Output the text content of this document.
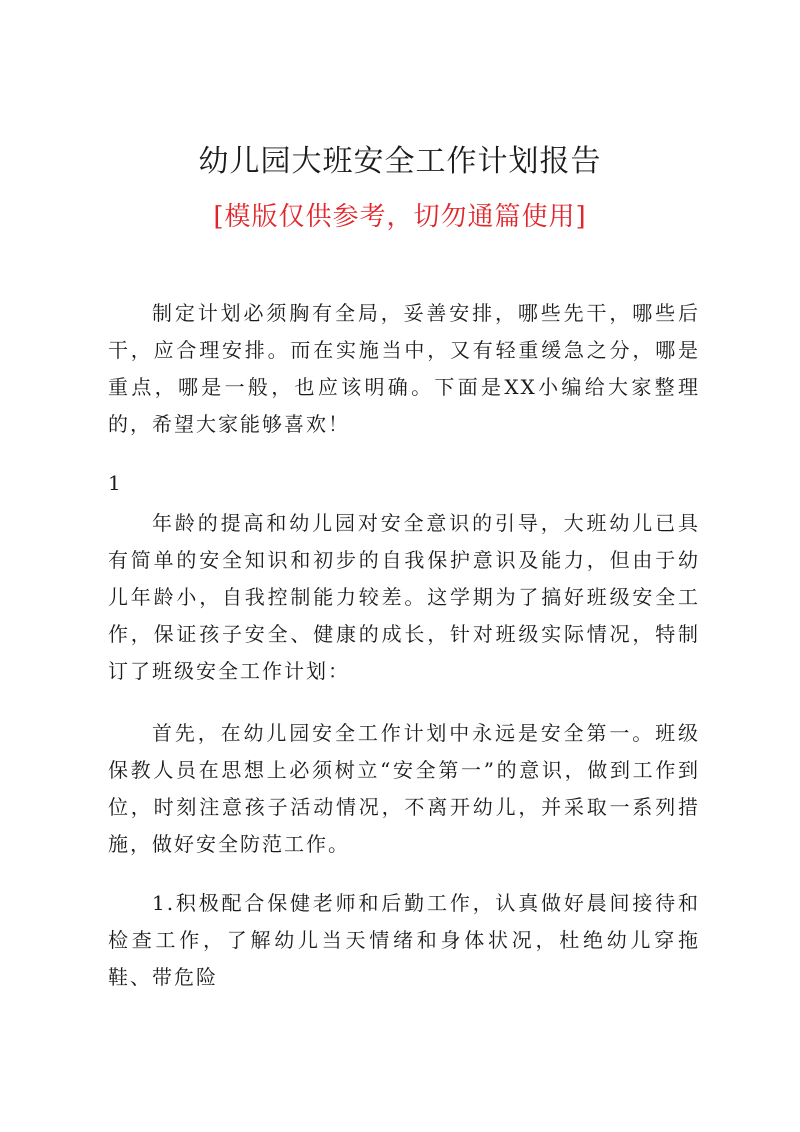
幼儿园大班安全工作计划报告
[模版仅供参考，切勿通篇使用]

制定计划必须胸有全局，妥善安排，哪些先干，哪些后干，应合理安排。而在实施当中，又有轻重缓急之分，哪是重点，哪是一般，也应该明确。下面是XX小编给大家整理的，希望大家能够喜欢！

1

年龄的提高和幼儿园对安全意识的引导，大班幼儿已具有简单的安全知识和初步的自我保护意识及能力，但由于幼儿年龄小，自我控制能力较差。这学期为了搞好班级安全工作，保证孩子安全、健康的成长，针对班级实际情况，特制订了班级安全工作计划：

首先，在幼儿园安全工作计划中永远是安全第一。班级保教人员在思想上必须树立“安全第一”的意识，做到工作到位，时刻注意孩子活动情况，不离开幼儿，并采取一系列措施，做好安全防范工作。

1.积极配合保健老师和后勤工作，认真做好晨间接待和检查工作，了解幼儿当天情绪和身体状况，杜绝幼儿穿拖鞋、带危险
